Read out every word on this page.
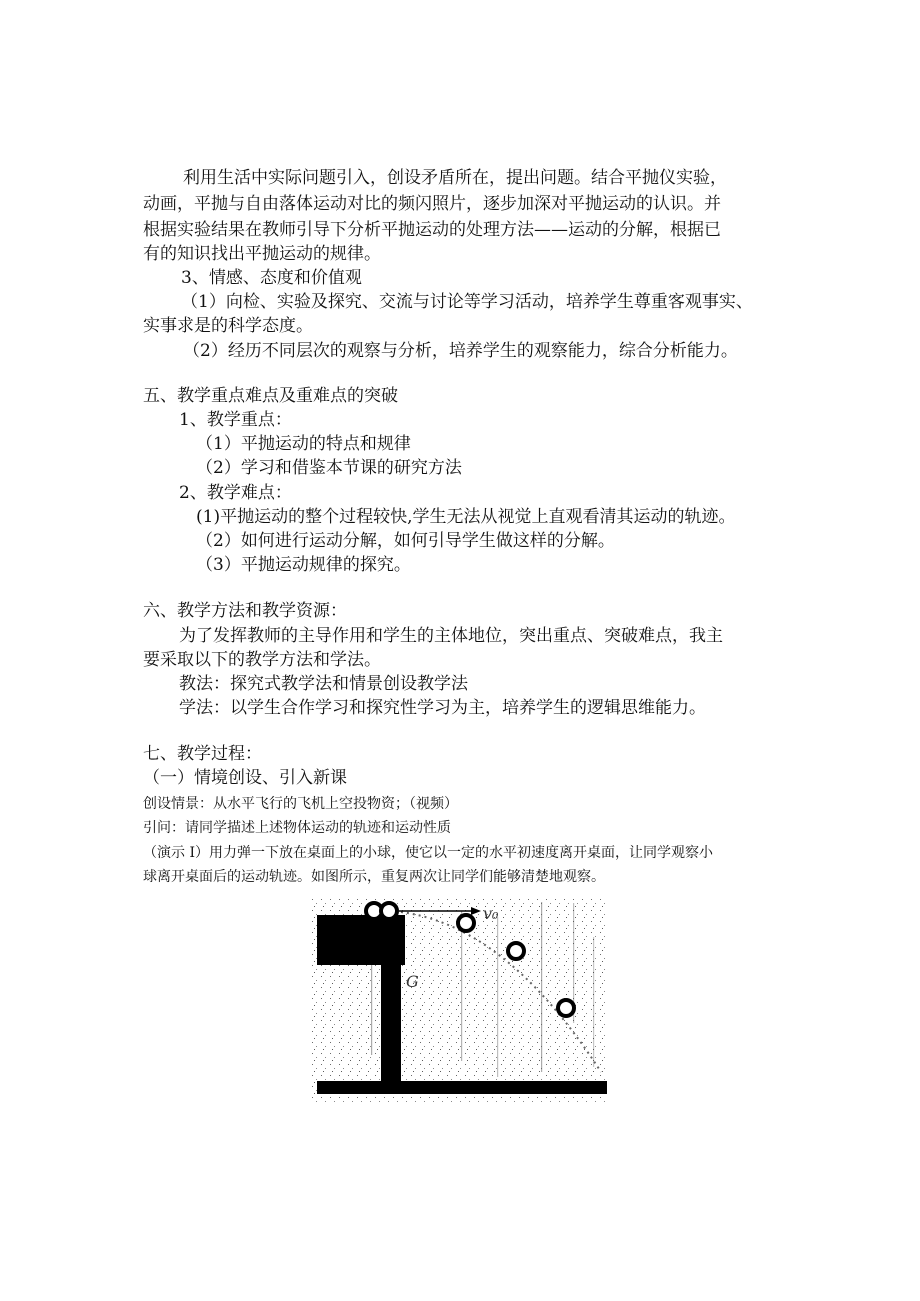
利用生活中实际问题引入，创设矛盾所在，提出问题。结合平抛仪实验，
动画，平抛与自由落体运动对比的频闪照片，逐步加深对平抛运动的认识。并
根据实验结果在教师引导下分析平抛运动的处理方法——运动的分解，根据已
有的知识找出平抛运动的规律。
3、情感、态度和价值观
（1）向检、实验及探究、交流与讨论等学习活动，培养学生尊重客观事实、
实事求是的科学态度。
（2）经历不同层次的观察与分析，培养学生的观察能力，综合分析能力。
五、教学重点难点及重难点的突破
1、教学重点：
（1）平抛运动的特点和规律
（2）学习和借鉴本节课的研究方法
2、教学难点：
(1)平抛运动的整个过程较快,学生无法从视觉上直观看清其运动的轨迹。
（2）如何进行运动分解，如何引导学生做这样的分解。
（3）平抛运动规律的探究。
六、教学方法和教学资源：
为了发挥教师的主导作用和学生的主体地位，突出重点、突破难点，我主
要采取以下的教学方法和学法。
教法：探究式教学法和情景创设教学法
学法：以学生合作学习和探究性学习为主，培养学生的逻辑思维能力。
七、教学过程：
（一）情境创设、引入新课
创设情景：从水平飞行的飞机上空投物资；（视频）
引问：请同学描述上述物体运动的轨迹和运动性质
（演示 I）用力弹一下放在桌面上的小球，使它以一定的水平初速度离开桌面，让同学观察小
球离开桌面后的运动轨迹。如图所示，重复两次让同学们能够清楚地观察。
v₀
G
